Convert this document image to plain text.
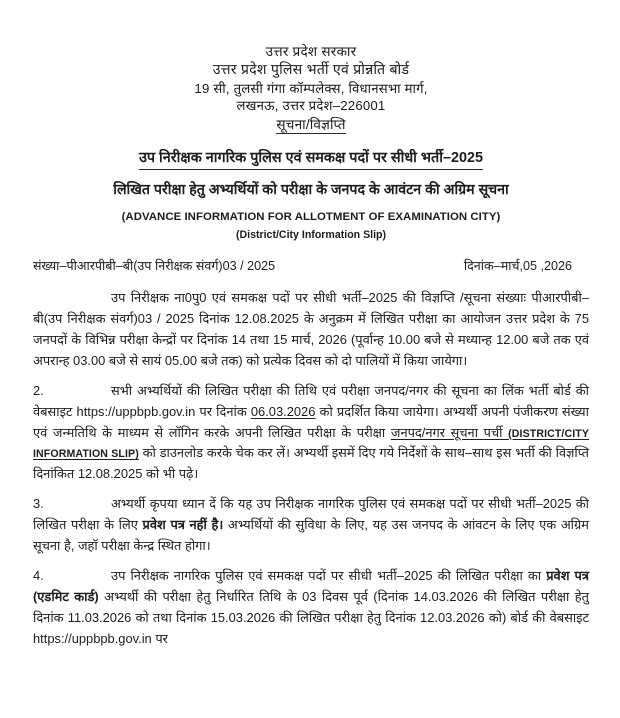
उत्तर प्रदेश सरकार
उत्तर प्रदेश पुलिस भर्ती एवं प्रोन्नति बोर्ड
19 सी, तुलसी गंगा कॉम्पलेक्स, विधानसभा मार्ग,
लखनऊ, उत्तर प्रदेश–226001
सूचना/विज्ञप्ति
उप निरीक्षक नागरिक पुलिस एवं समकक्ष पदों पर सीधी भर्ती–2025
लिखित परीक्षा हेतु अभ्यर्थियों को परीक्षा के जनपद के आवंटन की अग्रिम सूचना
(ADVANCE INFORMATION FOR ALLOTMENT OF EXAMINATION CITY)
(District/City Information Slip)
संख्या–पीआरपीबी–बी(उप निरीक्षक संवर्ग)03 / 2025	दिनांक–मार्च,05 ,2026

उप निरीक्षक ना0पु0 एवं समकक्ष पदों पर सीधी भर्ती–2025 की विज्ञप्ति /सूचना संख्याः पीआरपीबी–बी(उप निरीक्षक संवर्ग)03 / 2025 दिनांक 12.08.2025 के अनुक्रम में लिखित परीक्षा का आयोजन उत्तर प्रदेश के 75 जनपदों के विभिन्न परीक्षा केन्द्रों पर दिनांक 14 तथा 15 मार्च, 2026 (पूर्वान्ह 10.00 बजे से मध्यान्ह 12.00 बजे तक एवं अपरान्ह 03.00 बजे से सायं 05.00 बजे तक) को प्रत्येक दिवस को दो पालियों में किया जायेगा।

2.	सभी अभ्यर्थियों की लिखित परीक्षा की तिथि एवं परीक्षा जनपद/नगर की सूचना का लिंक भर्ती बोर्ड की वेबसाइट https://uppbpb.gov.in पर दिनांक 06.03.2026 को प्रदर्शित किया जायेगा। अभ्यर्थी अपनी पंजीकरण संख्या एवं जन्मतिथि के माध्यम से लॉगिन करके अपनी लिखित परीक्षा के परीक्षा जनपद/नगर सूचना पर्ची (DISTRICT/CITY INFORMATION SLIP) को डाउनलोड करके चेक कर लें। अभ्यर्थी इसमें दिए गये निर्देशों के साथ–साथ इस भर्ती की विज्ञप्ति दिनांकित 12.08.2025 को भी पढ़े।

3.	अभ्यर्थी कृपया ध्यान दें कि यह उप निरीक्षक नागरिक पुलिस एवं समकक्ष पदों पर सीधी भर्ती–2025 की लिखित परीक्षा के लिए प्रवेश पत्र नहीं है। अभ्यर्थियों की सुविधा के लिए, यह उस जनपद के आंवटन के लिए एक अग्रिम सूचना है, जहॉ परीक्षा केन्द्र स्थित होगा।

4.	उप निरीक्षक नागरिक पुलिस एवं समकक्ष पदों पर सीधी भर्ती–2025 की लिखित परीक्षा का प्रवेश पत्र (एडमिट कार्ड) अभ्यर्थी की परीक्षा हेतु निर्धारित तिथि के 03 दिवस पूर्व (दिनांक 14.03.2026 की लिखित परीक्षा हेतु दिनांक 11.03.2026 को तथा दिनांक 15.03.2026 की लिखित परीक्षा हेतु दिनांक 12.03.2026 को) बोर्ड की वेबसाइट https://uppbpb.gov.in पर
